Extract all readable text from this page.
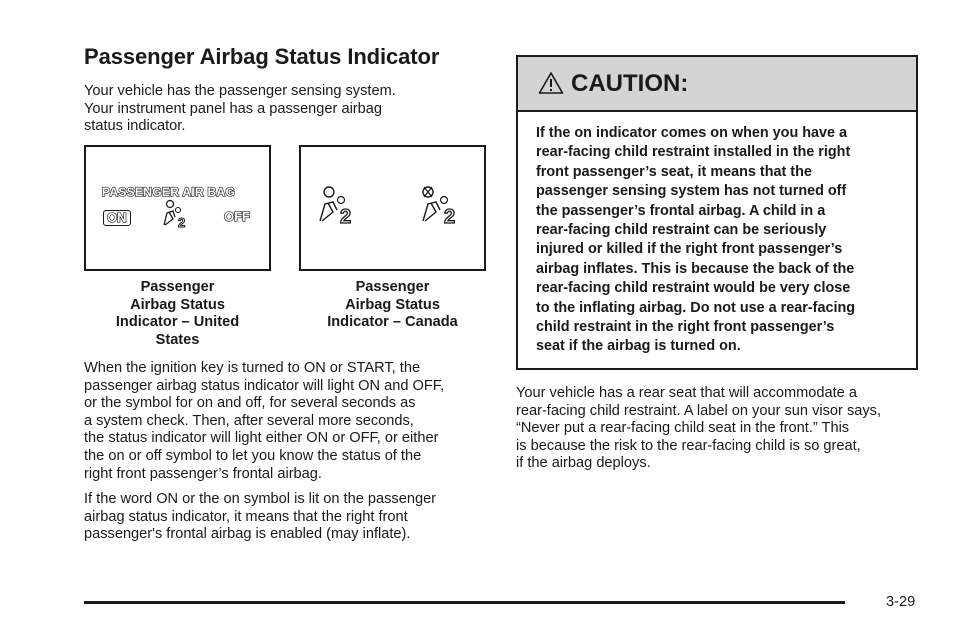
Passenger Airbag Status Indicator

Your vehicle has the passenger sensing system.
Your instrument panel has a passenger airbag
status indicator.

PASSENGER AIR BAG
ON	2	OFF
Passenger
Airbag Status
Indicator – United
States
2	2
Passenger
Airbag Status
Indicator – Canada

When the ignition key is turned to ON or START, the
passenger airbag status indicator will light ON and OFF,
or the symbol for on and off, for several seconds as
a system check. Then, after several more seconds,
the status indicator will light either ON or OFF, or either
the on or off symbol to let you know the status of the
right front passenger’s frontal airbag.

If the word ON or the on symbol is lit on the passenger
airbag status indicator, it means that the right front
passenger's frontal airbag is enabled (may inflate).

CAUTION:

If the on indicator comes on when you have a
rear-facing child restraint installed in the right
front passenger’s seat, it means that the
passenger sensing system has not turned off
the passenger’s frontal airbag. A child in a
rear-facing child restraint can be seriously
injured or killed if the right front passenger’s
airbag inflates. This is because the back of the
rear-facing child restraint would be very close
to the inflating airbag. Do not use a rear-facing
child restraint in the right front passenger’s
seat if the airbag is turned on.

Your vehicle has a rear seat that will accommodate a
rear-facing child restraint. A label on your sun visor says,
“Never put a rear-facing child seat in the front.” This
is because the risk to the rear-facing child is so great,
if the airbag deploys.

3-29
